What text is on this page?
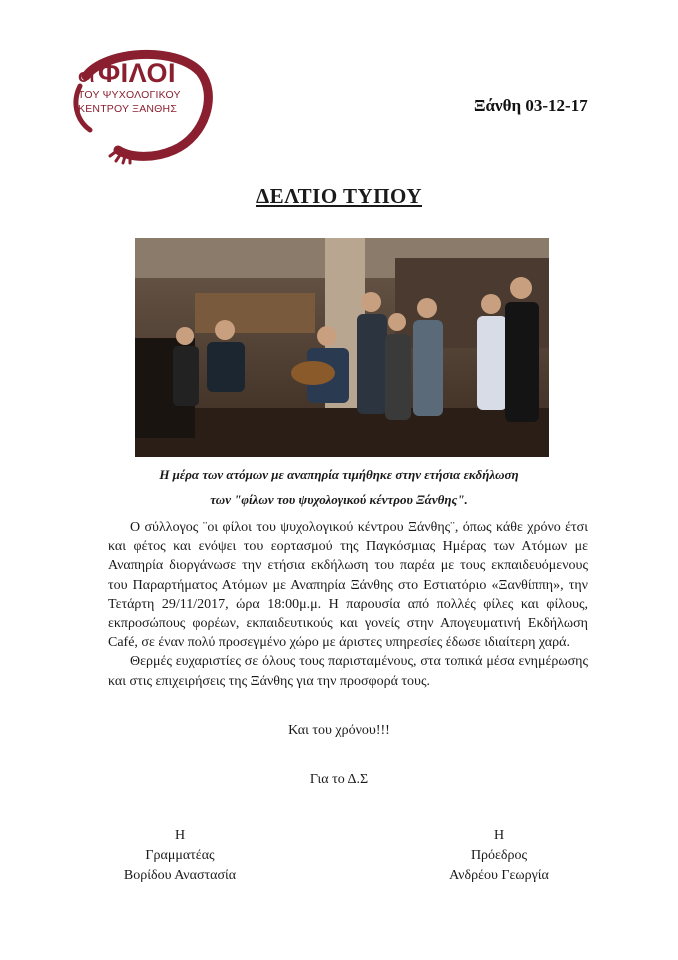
οι ΦΙΛΟΙ
ΤΟΥ ΨΥΧΟΛΟΓΙΚΟΥ
ΚΕΝΤΡΟΥ ΞΑΝΘΗΣ	Ξάνθη 03-12-17
ΔΕΛΤΙΟ ΤΥΠΟΥ
Η μέρα των ατόμων με αναπηρία τιμήθηκε στην ετήσια εκδήλωση
των "φίλων του ψυχολογικού κέντρου Ξάνθης".

Ο σύλλογος ¨οι φίλοι του ψυχολογικού κέντρου Ξάνθης¨, όπως κάθε χρόνο έτσι και φέτος και ενόψει του εορτασμού της Παγκόσμιας Ημέρας των Ατόμων με Αναπηρία διοργάνωσε την ετήσια εκδήλωση του παρέα με τους εκπαιδευόμενους του Παραρτήματος Ατόμων με Αναπηρία Ξάνθης στο Εστιατόριο «Ξανθίππη», την Τετάρτη 29/11/2017, ώρα 18:00μ.μ. Η παρουσία από πολλές φίλες και φίλους, εκπροσώπους φορέων, εκπαιδευτικούς και γονείς στην Απογευματινή Εκδήλωση Café, σε έναν πολύ προσεγμένο χώρο με άριστες υπηρεσίες έδωσε ιδιαίτερη χαρά.

Θερμές ευχαριστίες σε όλους τους παρισταμένους, στα τοπικά μέσα ενημέρωσης και στις επιχειρήσεις της Ξάνθης για την προσφορά τους.

Και του χρόνου!!!
Για το Δ.Σ
Η
Γραμματέας
Βορίδου Αναστασία
Η
Πρόεδρος
Ανδρέου Γεωργία
